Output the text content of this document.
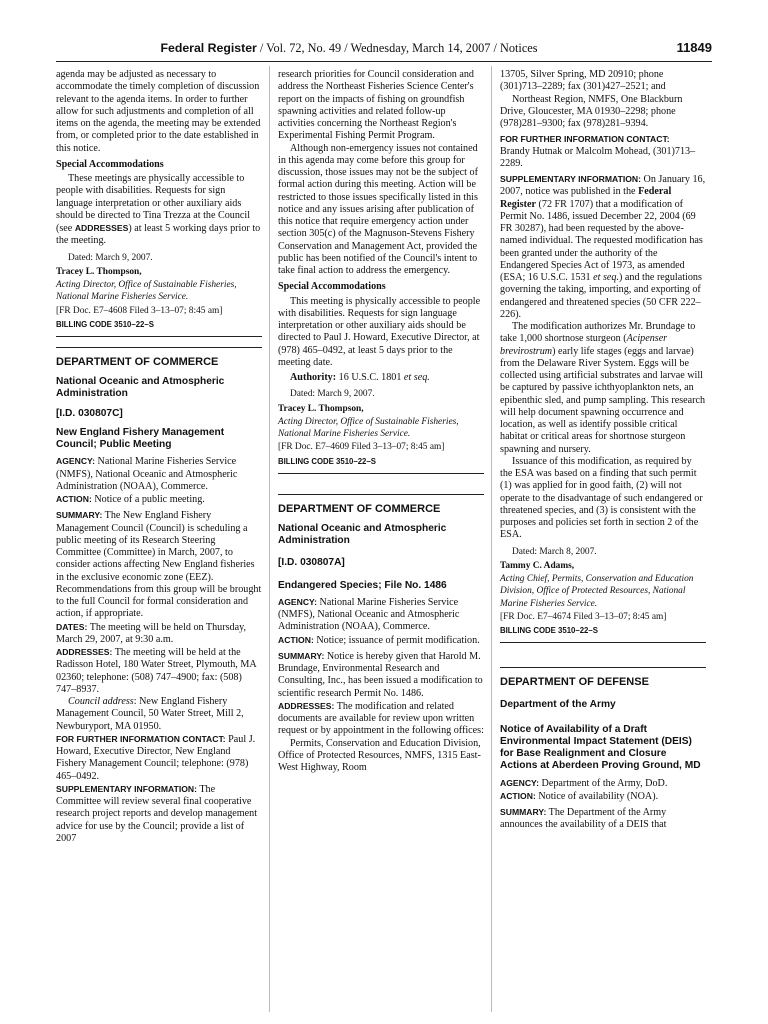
Federal Register / Vol. 72, No. 49 / Wednesday, March 14, 2007 / Notices	11849

agenda may be adjusted as necessary to accommodate the timely completion of discussion relevant to the agenda items. In order to further allow for such adjustments and completion of all items on the agenda, the meeting may be extended from, or completed prior to the date established in this notice.

Special Accommodations

These meetings are physically accessible to people with disabilities. Requests for sign language interpretation or other auxiliary aids should be directed to Tina Trezza at the Council (see ADDRESSES) at least 5 working days prior to the meeting.

Dated: March 9, 2007.

Tracey L. Thompson,

Acting Director, Office of Sustainable Fisheries, National Marine Fisheries Service.

[FR Doc. E7–4608 Filed 3–13–07; 8:45 am]

BILLING CODE 3510–22–S

DEPARTMENT OF COMMERCE

National Oceanic and Atmospheric Administration

[I.D. 030807C]

New England Fishery Management Council; Public Meeting

AGENCY: National Marine Fisheries Service (NMFS), National Oceanic and Atmospheric Administration (NOAA), Commerce.

ACTION: Notice of a public meeting.

SUMMARY: The New England Fishery Management Council (Council) is scheduling a public meeting of its Research Steering Committee (Committee) in March, 2007, to consider actions affecting New England fisheries in the exclusive economic zone (EEZ). Recommendations from this group will be brought to the full Council for formal consideration and action, if appropriate.

DATES: The meeting will be held on Thursday, March 29, 2007, at 9:30 a.m.

ADDRESSES: The meeting will be held at the Radisson Hotel, 180 Water Street, Plymouth, MA 02360; telephone: (508) 747–4900; fax: (508) 747–8937.

Council address: New England Fishery Management Council, 50 Water Street, Mill 2, Newburyport, MA 01950.

FOR FURTHER INFORMATION CONTACT: Paul J. Howard, Executive Director, New England Fishery Management Council; telephone: (978) 465–0492.

SUPPLEMENTARY INFORMATION: The Committee will review several final cooperative research project reports and develop management advice for use by the Council; provide a list of 2007

research priorities for Council consideration and address the Northeast Fisheries Science Center's report on the impacts of fishing on groundfish spawning activities and related follow-up activities concerning the Northeast Region's Experimental Fishing Permit Program.

Although non-emergency issues not contained in this agenda may come before this group for discussion, those issues may not be the subject of formal action during this meeting. Action will be restricted to those issues specifically listed in this notice and any issues arising after publication of this notice that require emergency action under section 305(c) of the Magnuson-Stevens Fishery Conservation and Management Act, provided the public has been notified of the Council's intent to take final action to address the emergency.

Special Accommodations

This meeting is physically accessible to people with disabilities. Requests for sign language interpretation or other auxiliary aids should be directed to Paul J. Howard, Executive Director, at (978) 465–0492, at least 5 days prior to the meeting date.

Authority: 16 U.S.C. 1801 et seq.

Dated: March 9, 2007.

Tracey L. Thompson,

Acting Director, Office of Sustainable Fisheries, National Marine Fisheries Service.

[FR Doc. E7–4609 Filed 3–13–07; 8:45 am]

BILLING CODE 3510–22–S

DEPARTMENT OF COMMERCE

National Oceanic and Atmospheric Administration

[I.D. 030807A]

Endangered Species; File No. 1486

AGENCY: National Marine Fisheries Service (NMFS), National Oceanic and Atmospheric Administration (NOAA), Commerce.

ACTION: Notice; issuance of permit modification.

SUMMARY: Notice is hereby given that Harold M. Brundage, Environmental Research and Consulting, Inc., has been issued a modification to scientific research Permit No. 1486.

ADDRESSES: The modification and related documents are available for review upon written request or by appointment in the following offices:

Permits, Conservation and Education Division, Office of Protected Resources, NMFS, 1315 East-West Highway, Room

13705, Silver Spring, MD 20910; phone (301)713–2289; fax (301)427–2521; and

Northeast Region, NMFS, One Blackburn Drive, Gloucester, MA 01930–2298; phone (978)281–9300; fax (978)281–9394.

FOR FURTHER INFORMATION CONTACT:

Brandy Hutnak or Malcolm Mohead, (301)713–2289.

SUPPLEMENTARY INFORMATION: On January 16, 2007, notice was published in the Federal Register (72 FR 1707) that a modification of Permit No. 1486, issued December 22, 2004 (69 FR 30287), had been requested by the above-named individual. The requested modification has been granted under the authority of the Endangered Species Act of 1973, as amended (ESA; 16 U.S.C. 1531 et seq.) and the regulations governing the taking, importing, and exporting of endangered and threatened species (50 CFR 222–226).

The modification authorizes Mr. Brundage to take 1,000 shortnose sturgeon (Acipenser brevirostrum) early life stages (eggs and larvae) from the Delaware River System. Eggs will be collected using artificial substrates and larvae will be captured by passive ichthyoplankton nets, an epibenthic sled, and pump sampling. This research will help document spawning occurrence and location, as well as identify possible critical habitat or critical areas for shortnose sturgeon spawning and nursery.

Issuance of this modification, as required by the ESA was based on a finding that such permit (1) was applied for in good faith, (2) will not operate to the disadvantage of such endangered or threatened species, and (3) is consistent with the purposes and policies set forth in section 2 of the ESA.

Dated: March 8, 2007.

Tammy C. Adams,

Acting Chief, Permits, Conservation and Education Division, Office of Protected Resources, National Marine Fisheries Service.

[FR Doc. E7–4674 Filed 3–13–07; 8:45 am]

BILLING CODE 3510–22–S

DEPARTMENT OF DEFENSE

Department of the Army

Notice of Availability of a Draft Environmental Impact Statement (DEIS) for Base Realignment and Closure Actions at Aberdeen Proving Ground, MD

AGENCY: Department of the Army, DoD.

ACTION: Notice of availability (NOA).

SUMMARY: The Department of the Army announces the availability of a DEIS that
